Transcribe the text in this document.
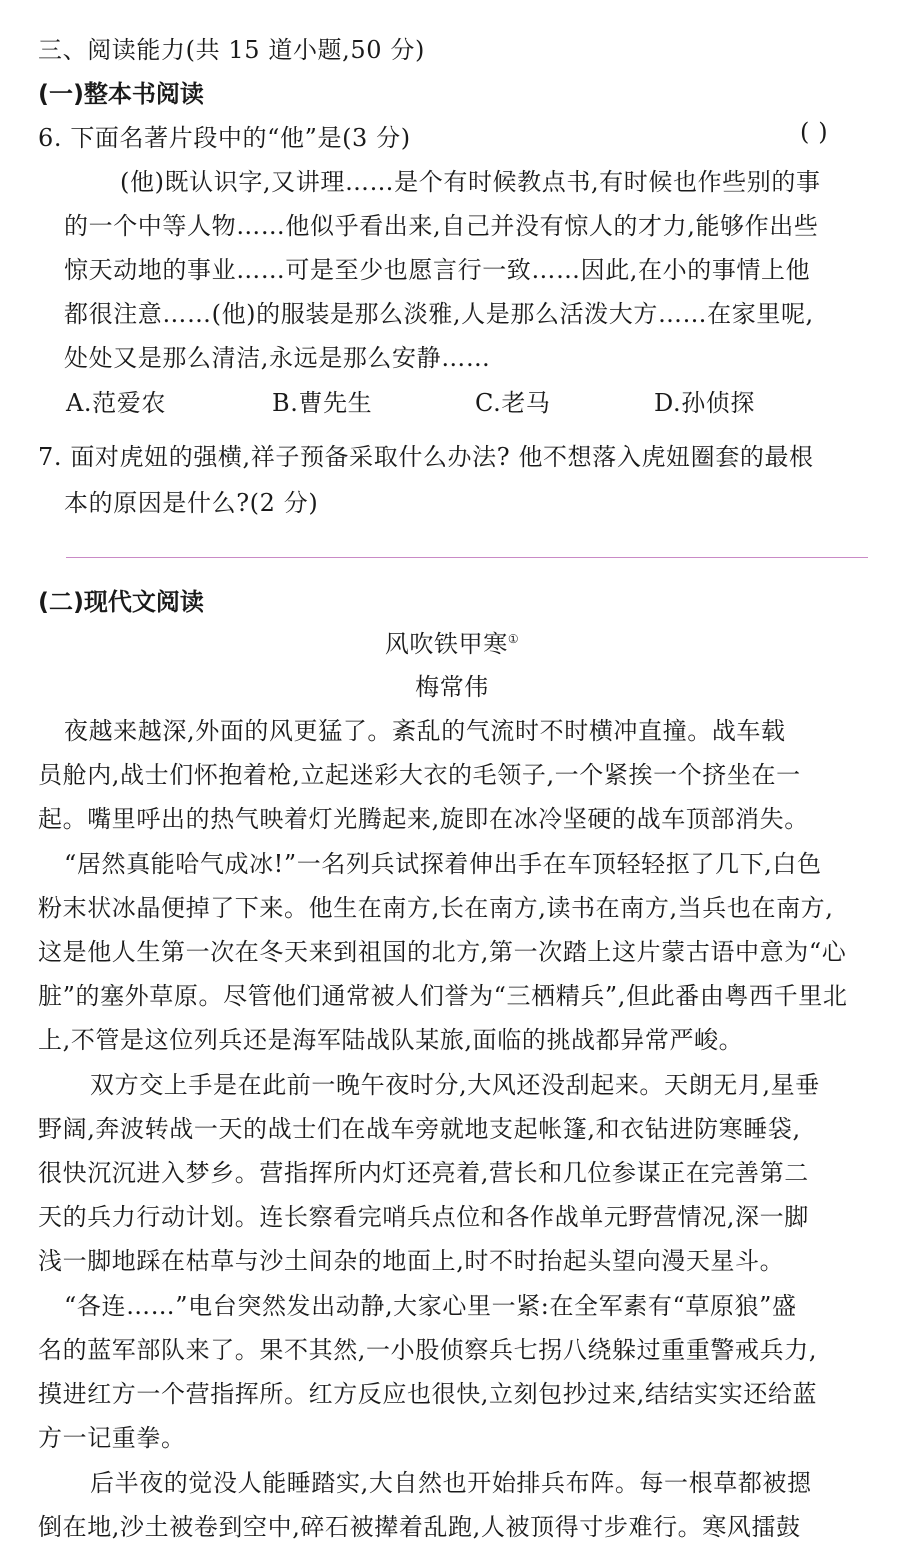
三、阅读能力(共 15 道小题,50 分)
(一)整本书阅读
6. 下面名著片段中的“他”是(3 分)	( )
(他)既认识字,又讲理……是个有时候教点书,有时候也作些别的事
的一个中等人物……他似乎看出来,自己并没有惊人的才力,能够作出些
惊天动地的事业……可是至少也愿言行一致……因此,在小的事情上他
都很注意……(他)的服装是那么淡雅,人是那么活泼大方……在家里呢,
处处又是那么清洁,永远是那么安静……
A.范爱农	B.曹先生	C.老马	D.孙侦探
7. 面对虎妞的强横,祥子预备采取什么办法? 他不想落入虎妞圈套的最根
本的原因是什么?(2 分)
(二)现代文阅读
风吹铁甲寒①
梅常伟
夜越来越深,外面的风更猛了。紊乱的气流时不时横冲直撞。战车载
员舱内,战士们怀抱着枪,立起迷彩大衣的毛领子,一个紧挨一个挤坐在一
起。嘴里呼出的热气映着灯光腾起来,旋即在冰冷坚硬的战车顶部消失。
“居然真能哈气成冰!”一名列兵试探着伸出手在车顶轻轻抠了几下,白色
粉末状冰晶便掉了下来。他生在南方,长在南方,读书在南方,当兵也在南方,
这是他人生第一次在冬天来到祖国的北方,第一次踏上这片蒙古语中意为“心
脏”的塞外草原。尽管他们通常被人们誉为“三栖精兵”,但此番由粤西千里北
上,不管是这位列兵还是海军陆战队某旅,面临的挑战都异常严峻。
双方交上手是在此前一晚午夜时分,大风还没刮起来。天朗无月,星垂
野阔,奔波转战一天的战士们在战车旁就地支起帐篷,和衣钻进防寒睡袋,
很快沉沉进入梦乡。营指挥所内灯还亮着,营长和几位参谋正在完善第二
天的兵力行动计划。连长察看完哨兵点位和各作战单元野营情况,深一脚
浅一脚地踩在枯草与沙土间杂的地面上,时不时抬起头望向漫天星斗。
“各连……”电台突然发出动静,大家心里一紧:在全军素有“草原狼”盛
名的蓝军部队来了。果不其然,一小股侦察兵七拐八绕躲过重重警戒兵力,
摸进红方一个营指挥所。红方反应也很快,立刻包抄过来,结结实实还给蓝
方一记重拳。
后半夜的觉没人能睡踏实,大自然也开始排兵布阵。每一根草都被摁
倒在地,沙土被卷到空中,碎石被撵着乱跑,人被顶得寸步难行。寒风擂鼓
